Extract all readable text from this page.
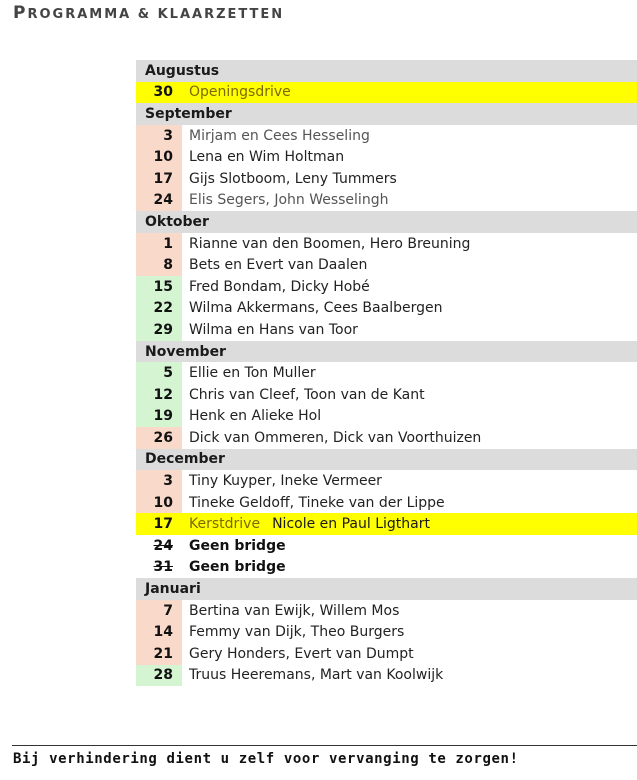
PROGRAMMA & KLAARZETTEN
Augustus	
30	Openingsdrive
September	
3	Mirjam en Cees Hesseling
10	Lena en Wim Holtman
17	Gijs Slotboom, Leny Tummers
24	Elis Segers, John Wesselingh
Oktober	
1	Rianne van den Boomen, Hero Breuning
8	Bets en Evert van Daalen
15	Fred Bondam, Dicky Hobé
22	Wilma Akkermans, Cees Baalbergen
29	Wilma en Hans van Toor
November	
5	Ellie en Ton Muller
12	Chris van Cleef, Toon van de Kant
19	Henk en Alieke Hol
26	Dick van Ommeren, Dick van Voorthuizen
December	
3	Tiny Kuyper, Ineke Vermeer
10	Tineke Geldoff, Tineke van der Lippe
17	Kerstdrive Nicole en Paul Ligthart
24	Geen bridge
31	Geen bridge
Januari	
7	Bertina van Ewijk, Willem Mos
14	Femmy van Dijk, Theo Burgers
21	Gery Honders, Evert van Dumpt
28	Truus Heeremans, Mart van Koolwijk
Bij verhindering dient u zelf voor vervanging te zorgen!
